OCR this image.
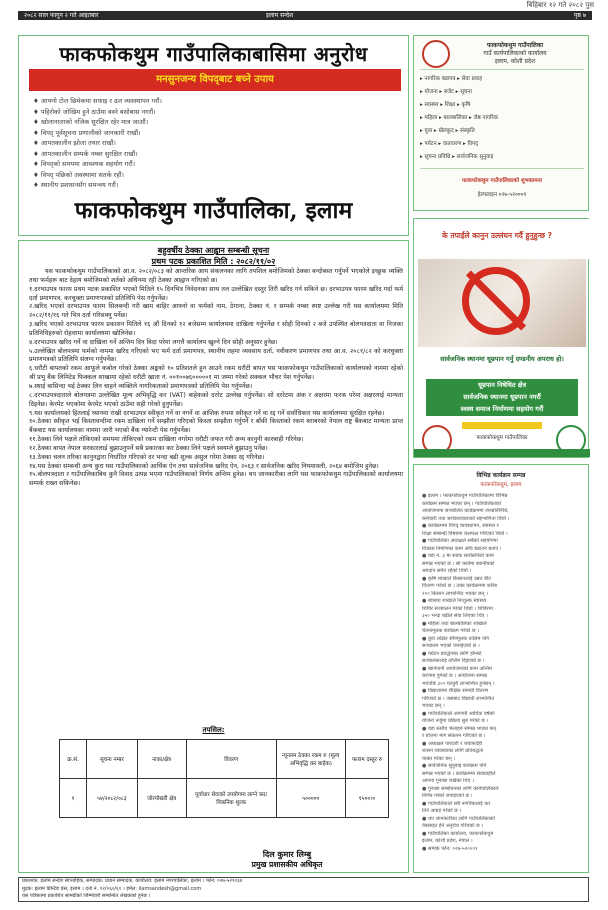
बिहिबार १२ गते २०८२ पुस
२०८२ साल फागुन २ गते आइतबार	इलाम सन्देश	पृष्ठ ७
फाकफोकथुम गाउँपालिकाबासिमा अनुरोध
मनसुनजन्य विपद्‌बाट बच्ने उपाय
♦ आफ्नो टोल छिमेकमा सफाइ र ढल व्यवस्थापन गरौं।
♦ पहिरोको जोखिम हुने ठाउँमा बस्ने बसोबास नगरौं।
♦ खोलानालाको नजिक सुरक्षित रहेर मात्र जाऔं।
♦ विपद् पूर्वसूचना प्रणालीको जानकारी राखौं।
♦ आपतकालीन झोला तयार राखौं।
♦ आपतकालीन सम्पर्क नम्बर सुरक्षित राखौं।
♦ विपद्‌को समयमा आवश्यक सहयोग गरौं।
♦ विपद् पछिको अवस्थामा सतर्क रहौं।
♦ स्थानीय प्रशासनसँग समन्वय गरौं।
फाकफोकथुम गाउँपालिका, इलाम
फाकफोकथुम गाउँपालिका
गाउँ कार्यपालिकाको कार्यालय
इलाम, कोशी प्रदेश
▸ नागरिक बडापत्र ▸ सेवा प्रवाह
▸ योजना ▸ बजेट ▸ सूचना
▸ स्वास्थ्य ▸ शिक्षा ▸ कृषि
▸ महिला ▸ बालबालिका ▸ जेष्ठ नागरिक
▸ युवा ▸ खेलकुद ▸ संस्कृति
▸ पर्यटन ▸ वातावरण ▸ विपद्
▸ सूचना प्रविधि ▸ सार्वजनिक सुनुवाइ
फाकफोकथुम गाउँपालिकाको शुभकामना
हेल्पलाइन ०२७-५२०००१
के तपाईंले कानुन उल्लंघन गर्दै हुनुहुन्छ ?
सार्वजनिक स्थानमा धूम्रपान गर्नु दण्डनीय अपराध हो।
धूम्रपान निषेधित क्षेत्र
सार्वजनिक स्थानमा धूम्रपान नगरौं
स्वस्थ समाज निर्माणमा सहयोग गरौं
फाकफोकथुम गाउँपालिका
बहुवर्षीय ठेक्का आह्वान सम्बन्धी सूचना
प्रथम पटक प्रकाशित मिति : २०८२/११/०२

यस फाकफोकथुम गाउँपालिकाको आ.व. २०८२/०८३ को आन्तरिक आय संकलनका लागि तपशिल बमोजिमको ठेक्का बन्दोबस्त गर्नुपर्ने भएकोले इच्छुक व्यक्ति तथा फर्महरू बाट देहाय बमोजिमको शर्तको अधिनमा रही ठेक्का आह्वान गरिएको छ।

१.दरभाउपत्र फारम प्रथम पटक प्रकाशित भएको मितिले १५ दिनभित्र निवेदनका साथ तल उल्लेखित दस्तुर तिरी खरिद गर्न सकिने छ। दरभाउपत्र फारम खरिद गर्दा फर्म दर्ता प्रमाणपत्र, करचुक्ता प्रमाणपत्रको प्रतिलिपि पेस गर्नुपर्नेछ।

२.खरिद भएको दरभाउपत्र फारम सिलबन्दी गरी खाम बाहिर आफ्नो वा फर्मको नाम, ठेगाना, ठेक्का नं. र सम्पर्क नम्बर स्पष्ट उल्लेख गरी यस कार्यालयमा मिति २०८२/११/१६ गते भित्र दर्ता गरिसक्नु पर्नेछ।

३.खरिद भएको दरभाउपत्र फारम प्रकाशन मितिले १६ औं दिनको १२ बजेसम्म कार्यालयमा दाखिला गर्नुपर्नेछ र सोही दिनको २ बजे उपस्थित बोलपत्रदाता वा निजका प्रतिनिधिहरुको रोहवरमा कार्यालयमा खोलिनेछ।

४.दरभाउपत्र खरिद गर्ने वा दाखिला गर्ने अन्तिम दिन बिदा परेमा लगत्तै कार्यालय खुल्ने दिन सोही अनुसार हुनेछ।

५.उल्लेखित बोलपत्रमा फर्मको नाममा खरिद गरिएको भए फर्म दर्ता प्रमाणपत्र, स्थानीय तहमा व्यवसाय दर्ता, नवीकरण प्रमाणपत्र तथा आ.व. २०८१/८२ को करचुक्ता प्रमाणपत्रको प्रतिलिपि संलग्न गर्नुपर्नेछ।

६.धरौटी बापतको रकम आफूले कबोल गरेको ठेक्का अङ्कको १० प्रतिशतले हुन आउने रकम धरौटी बापत यस फाकफोकथुम गाउँपालिकाको कार्यालयको नाममा रहेको श्री प्रभु बैंक लिमिटेड फिक्कल शाखामा रहेको धरौटी खाता नं. ००१००७६०००००१ मा जम्मा गरेको सक्कल भौचर पेश गर्नुपर्नेछ।

७.स्थाई बासिन्दा भई ठेक्का लिन चाहने व्यक्तिले नागरिकताको प्रमाणपत्रको प्रतिलिपि पेस गर्नुपर्नेछ।

८.दरभाउपत्रदाताले बोलपत्रमा उल्लेखित मूल्य अभिवृद्धि कर (VAT) बाहेकको दररेट उल्लेख गर्नुपर्नेछ। सो दररेटमा अंक र अक्षरमा फरक परेमा अक्षरलाई मान्यता दिइनेछ। केरमेट भएकोमा केरमेट भएको ठाउँमा सही गरेको हुनुपर्नेछ।

९.यस कार्यालयको हितलाई ध्यानमा राखी दरभाउपत्र स्वीकृत गर्ने वा नगर्ने वा आंशिक रुपमा स्वीकृत गर्ने वा रद्द गर्ने सर्वाधिकार यस कार्यालयमा सुरक्षित रहनेछ।

१०.ठेक्का स्वीकृत भई किस्तावन्दीमा रकम दाखिला गर्ने सम्झौता गरिएको किस्ता सम्झौता गर्नुपर्ने र बाँकी किस्ताको रकम बराबरको नेपाल राष्ट्र बैंकबाट मान्यता प्राप्त बैंकबाट यस कार्यालयका नाममा जारी भएको बैंक ग्यारेन्टी पेस गर्नुपर्नेछ।

११.ठेक्का लिने पक्षले तोकिएको समयमा तोकिएको रकम दाखिला नगरेमा धरौटी जफत गरी अन्य कानुनी कारबाही गरिनेछ।

१२.ठेक्का बापत नेपाल सरकारलाई बुझाउनुपर्ने सबै प्रकारका कर ठेक्का लिने पक्षले स्वयम्ले बुझाउनु पर्नेछ।

१३.ठेक्का चलन तरिका कानुनद्वारा निर्धारित गरिएको दर भन्दा बढी शुल्क असुल गरेमा ठेक्का रद्द गरिनेछ।

१४.यस ठेक्का सम्बन्धी अन्य कुरा यस गाउँपालिकाको आर्थिक ऐन तथा सार्वजनिक खरिद ऐन, २०६३ र सार्वजनिक खरिद नियमावली, २०६४ बमोजिम हुनेछ।

१५.बोलपत्रदाता र गाउँपालिकाबिच कुनै विवाद उत्पन्न भएमा गाउँपालिकाको निर्णय अन्तिम हुनेछ। थप जानकारीका लागि यस फाकफोकथुम गाउँपालिकाको कार्यालयमा सम्पर्क राख्न सकिनेछ।

तपसिल:
क्र.सं.	सूचना नम्बर	नाका/क्षेत्र	विवरण	न्यूनतम ठेक्का रकम रु (मूल्य अभिवृद्धि कर बाहेक)	फाराम दस्तुर रु
१	५४/२०८२/०८३	जोरपोखरी क्षेत्र	पूर्वाधार सेवाको उपयोगमा लाग्ने कर/पिकनिक शुल्क	५०००००	१५००।०
दिल कुमार लिम्बु
प्रमुख प्रशासकीय अधिकृत
विभिन्न कार्यक्रम सम्पन्न
फाकफोकथुम, इलाम
● इलाम । फाकफोकथुम गाउँपालिकामा विभिन्न
कार्यक्रम सम्पन्न भएका छन् । गाउँपालिकाको
आयोजनामा सञ्चालित कार्यक्रममा जनप्रतिनिधि,
कर्मचारी तथा सरोकारवालाको सहभागिता थियो ।
● कार्यक्रममा विपद् व्यवस्थापन, स्वास्थ्य र
शिक्षा सम्बन्धी विषयमा छलफल गरिएको थियो ।
● गाउँपालिका अध्यक्षले सबैको सहयोगमा
विकास निर्माणका काम अघि बढाउने बताए ।
● वडा नं. ३ मा सडक स्तरोन्नतिको काम
सम्पन्न भएको छ । सो कार्यमा स्थानीयको
श्रमदान समेत रहेको थियो ।
● कृषि शाखाले किसानलाई उन्नत बीउ
वितरण गरेको छ । उक्त कार्यक्रममा करिब
२०० किसान लाभान्वित भएका छन् ।
● स्वास्थ्य शाखाले निःशुल्क स्वास्थ्य
शिविर सञ्चालन गरेको थियो । शिविरमा
३५० भन्दा बढीले सेवा लिएका थिए ।
● महिला तथा बालबालिका शाखाले
चेतनामूलक कार्यक्रम गरेको छ ।
● युवा लक्षित सीपमूलक तालिम पनि
सञ्चालन भएको जनाइएको छ ।
● पर्यटन प्रवर्द्धनका लागि होमस्टे
सञ्चालकलाई तालिम दिइएको छ ।
● खानेपानी आयोजनाको काम अन्तिम
चरणमा पुगेको छ । आयोजना सम्पन्न
भएपछि ३०० घरधुरी लाभान्वित हुनेछन् ।
● विद्यालयमा शैक्षिक सामग्री वितरण
गरिएको छ । जसबाट विद्यार्थी लाभान्वित
भएका छन् ।
● गाउँपालिकाले आगामी आर्थिक वर्षको
योजना तर्जुमा प्रक्रिया सुरु गरेको छ ।
● वडा स्तरीय भेलाहरु सम्पन्न भएका छन्
र योजना माग संकलन गरिएको छ ।
● अध्यक्षले पारदर्शी र जवाफदेही
शासन व्यवस्थाका लागि प्रतिबद्धता
व्यक्त गरेका छन् ।
● सार्वजनिक सुनुवाइ कार्यक्रम पनि
सम्पन्न भएको छ । कार्यक्रममा सेवाग्राहीले
आफ्ना गुनासा राखेका थिए ।
● गुनासा सम्बोधनका लागि कार्यपालिकाले
निर्णय गरेको जनाइएको छ ।
● गाउँपालिकाले सबै नागरिकलाई कर
तिर्न आग्रह गरेको छ ।
● थप जानकारीका लागि गाउँपालिकाको
वेबसाइट हेर्न अनुरोध गरिएको छ ।
● गाउँपालिका कार्यालय, फाकफोकथुम
इलाम, कोशी प्रदेश, नेपाल ।
● सम्पर्क फोन: ०२७-५२०००१
प्रकाशक: इलाम सन्देश साप्ताहिक, सम्पादक: प्रधान सम्पादक, कार्यालय: इलाम नगरपालिका, इलाम । फोन: ०२७-५२१२३४
मुद्रक: इलाम प्रिन्टिङ प्रेस, इलाम । दर्ता नं. १२/०६०/६१ । इमेल: ilamsandesh@gmail.com
यस पत्रिकामा प्रकाशित सामग्रीको जिम्मेवारी सम्बन्धित लेखकको हुनेछ ।
